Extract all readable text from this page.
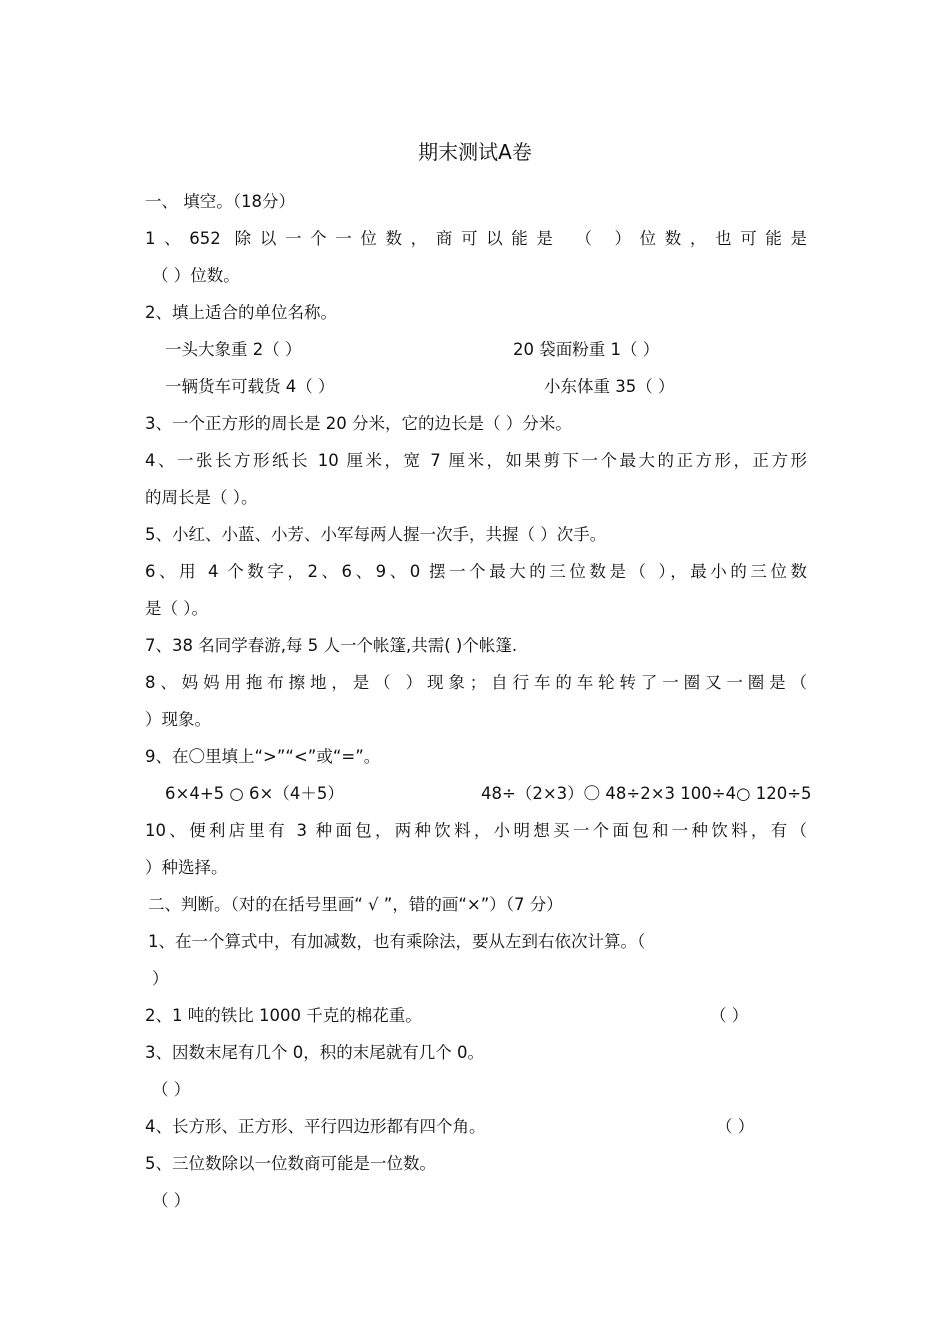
期末测试A卷
一、 填空。（18分）
1、652 除以一个一位数，商可以能是 （ ）位数，也可能是
（ ）位数。
2、填上适合的单位名称。
一头大象重 2（ ）	20 袋面粉重 1（ ）
一辆货车可载货 4（ ）	小东体重 35（ ）
3、一个正方形的周长是 20 分米，它的边长是（ ）分米。
4、一张长方形纸长 10 厘米，宽 7 厘米，如果剪下一个最大的正方形，正方形
的周长是（ ）。
5、小红、小蓝、小芳、小军每两人握一次手，共握（ ）次手。
6、用 4 个数字，2、6、9、0 摆一个最大的三位数是（ ），最小的三位数
是（ ）。
7、38 名同学春游,每 5 人一个帐篷,共需( )个帐篷.
8、妈妈用拖布擦地，是（ ）现象；自行车的车轮转了一圈又一圈是（
）现象。
9、在〇里填上“>”“<”或“=”。
6×4+5 ○ 6×（4＋5）	48÷（2×3）〇 48÷2×3 100÷4○ 120÷5
10、便利店里有 3 种面包，两种饮料，小明想买一个面包和一种饮料，有（
）种选择。
二、判断。（对的在括号里画“ √ ”，错的画“×”）（7 分）
1、在一个算式中，有加减数，也有乘除法，要从左到右依次计算。（
）
2、1 吨的铁比 1000 千克的棉花重。	（ ）
3、因数末尾有几个 0，积的末尾就有几个 0。
（ ）
4、长方形、正方形、平行四边形都有四个角。	（ ）
5、三位数除以一位数商可能是一位数。
（ ）
